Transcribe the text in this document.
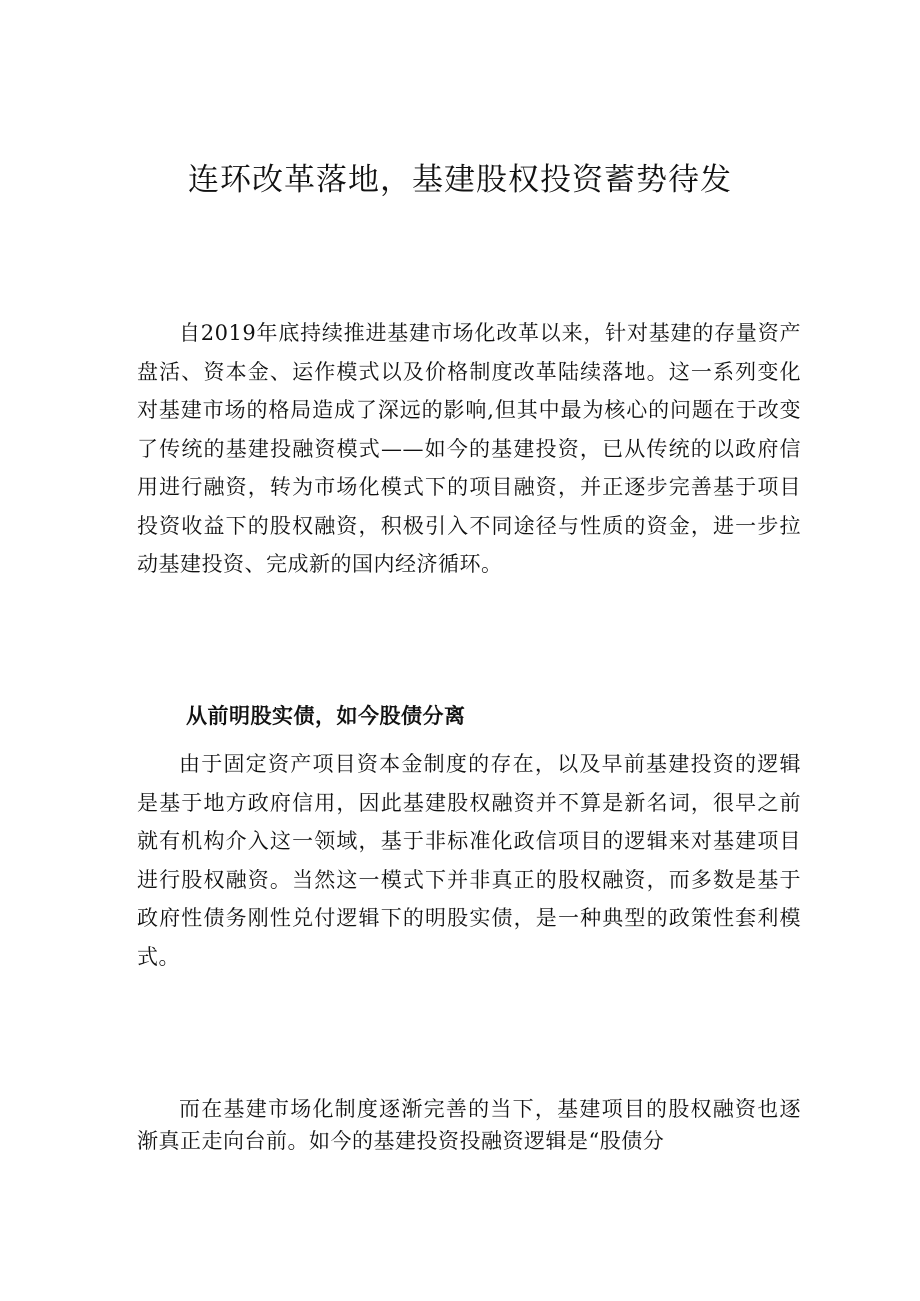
连环改革落地，基建股权投资蓄势待发

自2019年底持续推进基建市场化改革以来，针对基建的存量资产盘活、资本金、运作模式以及价格制度改革陆续落地。这一系列变化对基建市场的格局造成了深远的影响,但其中最为核心的问题在于改变了传统的基建投融资模式——如今的基建投资，已从传统的以政府信用进行融资，转为市场化模式下的项目融资，并正逐步完善基于项目投资收益下的股权融资，积极引入不同途径与性质的资金，进一步拉动基建投资、完成新的国内经济循环。

从前明股实债，如今股债分离

由于固定资产项目资本金制度的存在，以及早前基建投资的逻辑是基于地方政府信用，因此基建股权融资并不算是新名词，很早之前就有机构介入这一领域，基于非标准化政信项目的逻辑来对基建项目进行股权融资。当然这一模式下并非真正的股权融资，而多数是基于政府性债务刚性兑付逻辑下的明股实债，是一种典型的政策性套利模式。

而在基建市场化制度逐渐完善的当下，基建项目的股权融资也逐渐真正走向台前。如今的基建投资投融资逻辑是“股债分
